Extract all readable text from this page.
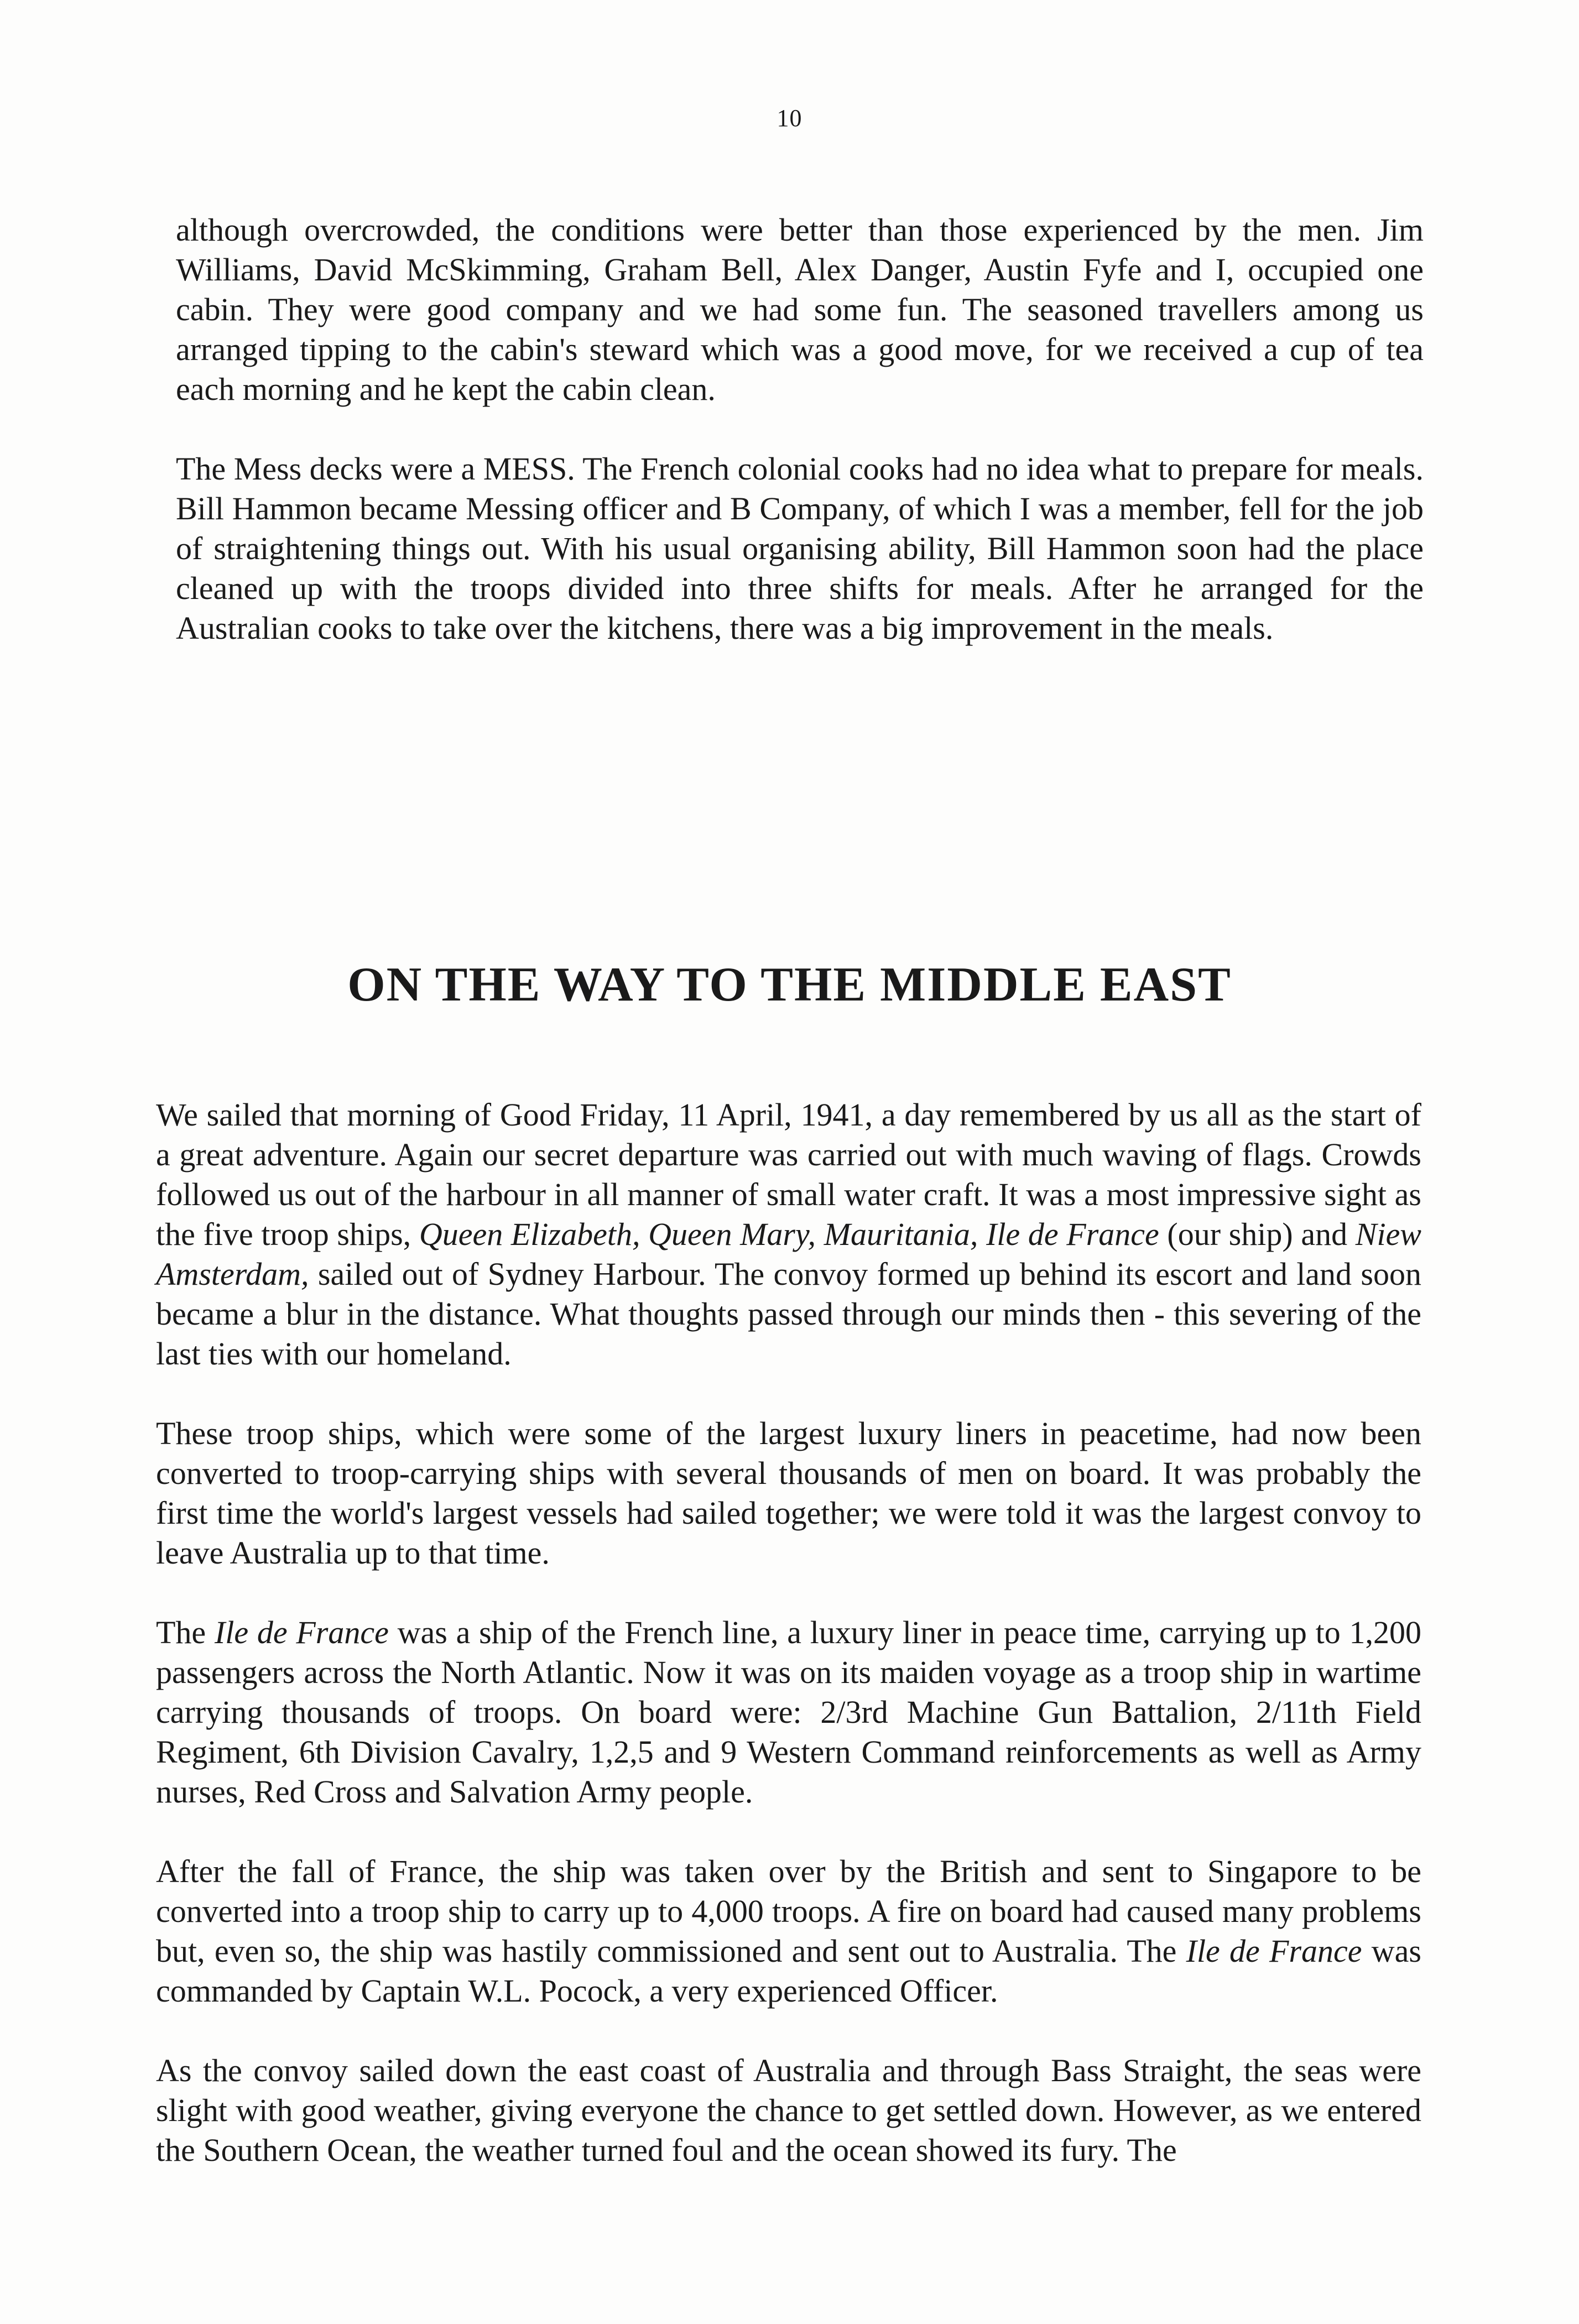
10

although overcrowded, the conditions were better than those experienced by the men. Jim Williams, David McSkimming, Graham Bell, Alex Danger, Austin Fyfe and I, occupied one cabin. They were good company and we had some fun. The seasoned travellers among us arranged tipping to the cabin's steward which was a good move, for we received a cup of tea each morning and he kept the cabin clean.

The Mess decks were a MESS. The French colonial cooks had no idea what to prepare for meals. Bill Hammon became Messing officer and B Company, of which I was a member, fell for the job of straightening things out. With his usual organising ability, Bill Hammon soon had the place cleaned up with the troops divided into three shifts for meals. After he arranged for the Australian cooks to take over the kitchens, there was a big improvement in the meals.

ON THE WAY TO THE MIDDLE EAST

We sailed that morning of Good Friday, 11 April, 1941, a day remembered by us all as the start of a great adventure. Again our secret departure was carried out with much waving of flags. Crowds followed us out of the harbour in all manner of small water craft. It was a most impressive sight as the five troop ships, Queen Elizabeth, Queen Mary, Mauritania, Ile de France (our ship) and Niew Amsterdam, sailed out of Sydney Harbour. The convoy formed up behind its escort and land soon became a blur in the distance. What thoughts passed through our minds then - this severing of the last ties with our homeland.

These troop ships, which were some of the largest luxury liners in peacetime, had now been converted to troop-carrying ships with several thousands of men on board. It was probably the first time the world's largest vessels had sailed together; we were told it was the largest convoy to leave Australia up to that time.

The Ile de France was a ship of the French line, a luxury liner in peace time, carrying up to 1,200 passengers across the North Atlantic. Now it was on its maiden voyage as a troop ship in wartime carrying thousands of troops. On board were: 2/3rd Machine Gun Battalion, 2/11th Field Regiment, 6th Division Cavalry, 1,2,5 and 9 Western Command reinforcements as well as Army nurses, Red Cross and Salvation Army people.

After the fall of France, the ship was taken over by the British and sent to Singapore to be converted into a troop ship to carry up to 4,000 troops. A fire on board had caused many problems but, even so, the ship was hastily commissioned and sent out to Australia. The Ile de France was commanded by Captain W.L. Pocock, a very experienced Officer.

As the convoy sailed down the east coast of Australia and through Bass Straight, the seas were slight with good weather, giving everyone the chance to get settled down. However, as we entered the Southern Ocean, the weather turned foul and the ocean showed its fury. The
